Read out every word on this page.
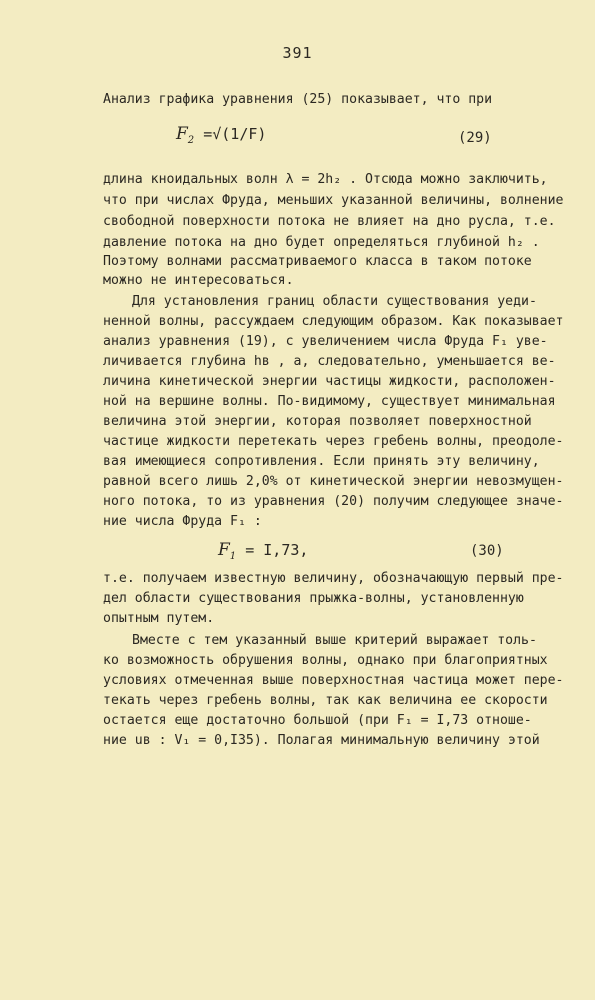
391
Анализ графика уравнения (25) показывает, что при
$F_2 =√(1/F)$	(29)
длина кноидальных волн λ = 2h₂ . Отсюда можно заключить,
что при числах Фруда, меньших указанной величины, волнение
свободной поверхности потока не влияет на дно русла, т.е.
давление потока на дно будет определяться глубиной h₂ .
Поэтому волнами рассматриваемого класса в таком потоке
можно не интересоваться.
Для установления границ области существования уеди-
ненной волны, рассуждаем следующим образом. Как показывает
анализ уравнения (19), с увеличением числа Фруда F₁ уве-
личивается глубина hв , а, следовательно, уменьшается ве-
личина кинетической энергии частицы жидкости, расположен-
ной на вершине волны. По-видимому, существует минимальная
величина этой энергии, которая позволяет поверхностной
частице жидкости перетекать через гребень волны, преодоле-
вая имеющиеся сопротивления. Если принять эту величину,
равной всего лишь 2,0% от кинетической энергии невозмущен-
ного потока, то из уравнения (20) получим следующее значе-
ние числа Фруда F₁ :
$F_1 = I,73$,	(30)
т.е. получаем известную величину, обозначающую первый пре-
дел области существования прыжка-волны, установленную
опытным путем.
Вместе с тем указанный выше критерий выражает толь-
ко возможность обрушения волны, однако при благоприятных
условиях отмеченная выше поверхностная частица может пере-
текать через гребень волны, так как величина ее скорости
остается еще достаточно большой (при F₁ = I,73 отноше-
ние uв : V₁ = 0,I35). Полагая минимальную величину этой
